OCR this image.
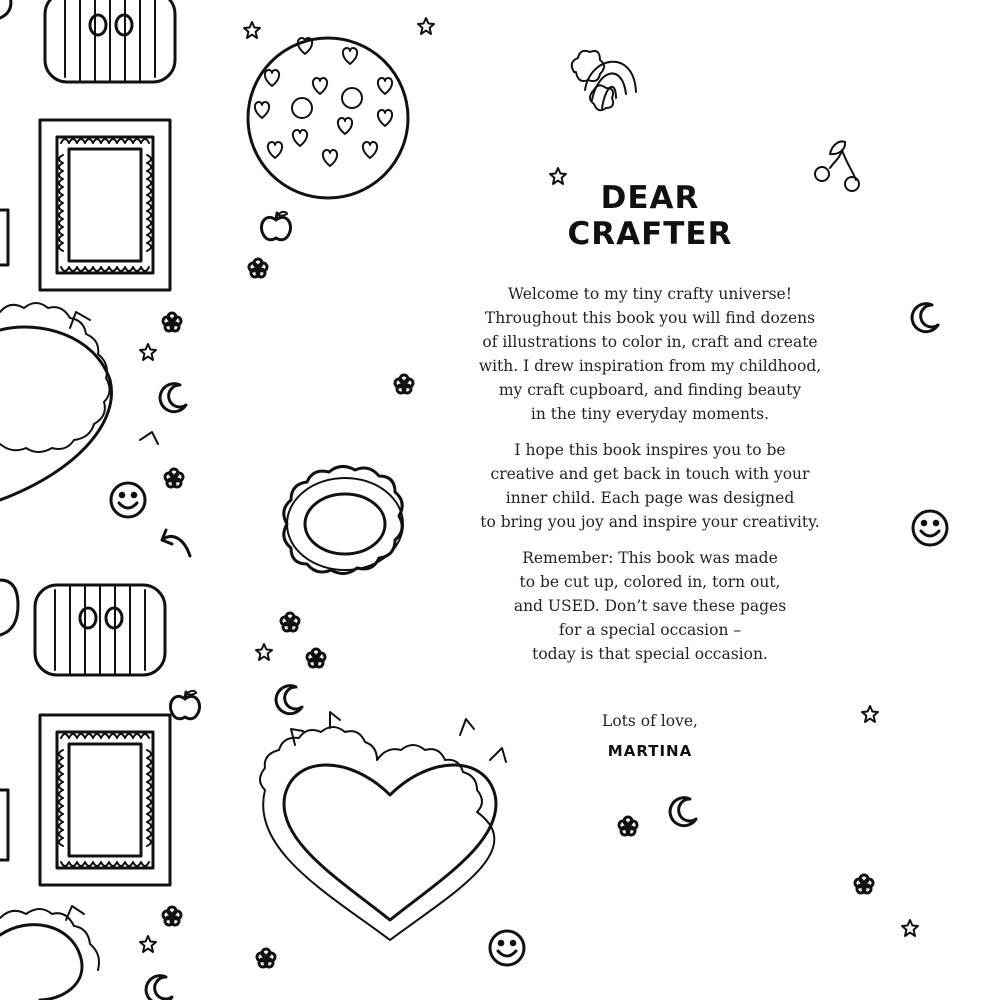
DEAR
CRAFTER

Welcome to my tiny crafty universe!
Throughout this book you will find dozens
of illustrations to color in, craft and create
with. I drew inspiration from my childhood,
my craft cupboard, and finding beauty
in the tiny everyday moments.

I hope this book inspires you to be
creative and get back in touch with your
inner child. Each page was designed
to bring you joy and inspire your creativity.

Remember: This book was made
to be cut up, colored in, torn out,
and USED. Don’t save these pages
for a special occasion –
today is that special occasion.

Lots of love,
MARTINA
